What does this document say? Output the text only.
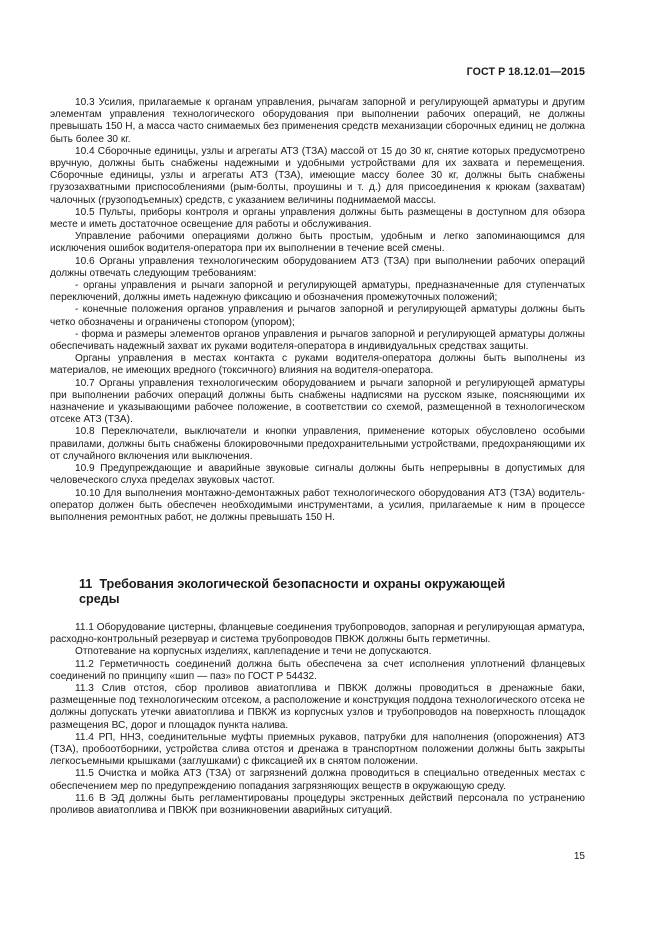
ГОСТ Р 18.12.01—2015

10.3 Усилия, прилагаемые к органам управления, рычагам запорной и регулирующей арматуры и другим элементам управления технологического оборудования при выполнении рабочих операций, не должны превышать 150 Н, а масса часто снимаемых без применения средств механизации сборочных единиц не должна быть более 30 кг.

10.4 Сборочные единицы, узлы и агрегаты АТЗ (ТЗА) массой от 15 до 30 кг, снятие которых предусмотрено вручную, должны быть снабжены надежными и удобными устройствами для их захвата и перемещения. Сборочные единицы, узлы и агрегаты АТЗ (ТЗА), имеющие массу более 30 кг, должны быть снабжены грузозахватными приспособлениями (рым-болты, проушины и т. д.) для присоединения к крюкам (захватам) чалочных (грузоподъемных) средств, с указанием величины поднимаемой массы.

10.5 Пульты, приборы контроля и органы управления должны быть размещены в доступном для обзора месте и иметь достаточное освещение для работы и обслуживания.

Управление рабочими операциями должно быть простым, удобным и легко запоминающимся для исключения ошибок водителя-оператора при их выполнении в течение всей смены.

10.6 Органы управления технологическим оборудованием АТЗ (ТЗА) при выполнении рабочих операций должны отвечать следующим требованиям:

- органы управления и рычаги запорной и регулирующей арматуры, предназначенные для ступенчатых переключений, должны иметь надежную фиксацию и обозначения промежуточных положений;

- конечные положения органов управления и рычагов запорной и регулирующей арматуры должны быть четко обозначены и ограничены стопором (упором);

- форма и размеры элементов органов управления и рычагов запорной и регулирующей арматуры должны обеспечивать надежный захват их руками водителя-оператора в индивидуальных средствах защиты.

Органы управления в местах контакта с руками водителя-оператора должны быть выполнены из материалов, не имеющих вредного (токсичного) влияния на водителя-оператора.

10.7 Органы управления технологическим оборудованием и рычаги запорной и регулирующей арматуры при выполнении рабочих операций должны быть снабжены надписями на русском языке, поясняющими их назначение и указывающими рабочее положение, в соответствии со схемой, размещенной в технологическом отсеке АТЗ (ТЗА).

10.8 Переключатели, выключатели и кнопки управления, применение которых обусловлено особыми правилами, должны быть снабжены блокировочными предохранительными устройствами, предохраняющими их от случайного включения или выключения.

10.9 Предупреждающие и аварийные звуковые сигналы должны быть непрерывны в допустимых для человеческого слуха пределах звуковых частот.

10.10 Для выполнения монтажно-демонтажных работ технологического оборудования АТЗ (ТЗА) водитель-оператор должен быть обеспечен необходимыми инструментами, а усилия, прилагаемые к ним в процессе выполнения ремонтных работ, не должны превышать 150 Н.

11 Требования экологической безопасности и охраны окружающей среды

11.1 Оборудование цистерны, фланцевые соединения трубопроводов, запорная и регулирующая арматура, расходно-контрольный резервуар и система трубопроводов ПВКЖ должны быть герметичны.

Отпотевание на корпусных изделиях, каплепадение и течи не допускаются.

11.2 Герметичность соединений должна быть обеспечена за счет исполнения уплотнений фланцевых соединений по принципу «шип — паз» по ГОСТ Р 54432.

11.3 Слив отстоя, сбор проливов авиатоплива и ПВКЖ должны проводиться в дренажные баки, размещенные под технологическим отсеком, а расположение и конструкция поддона технологического отсека не должны допускать утечки авиатоплива и ПВКЖ из корпусных узлов и трубопроводов на поверхность площадок размещения ВС, дорог и площадок пункта налива.

11.4 РП, ННЗ, соединительные муфты приемных рукавов, патрубки для наполнения (опорожнения) АТЗ (ТЗА), пробоотборники, устройства слива отстоя и дренажа в транспортном положении должны быть закрыты легкосъемными крышками (заглушками) с фиксацией их в снятом положении.

11.5 Очистка и мойка АТЗ (ТЗА) от загрязнений должна проводиться в специально отведенных местах с обеспечением мер по предупреждению попадания загрязняющих веществ в окружающую среду.

11.6 В ЭД должны быть регламентированы процедуры экстренных действий персонала по устранению проливов авиатоплива и ПВКЖ при возникновении аварийных ситуаций.

15
